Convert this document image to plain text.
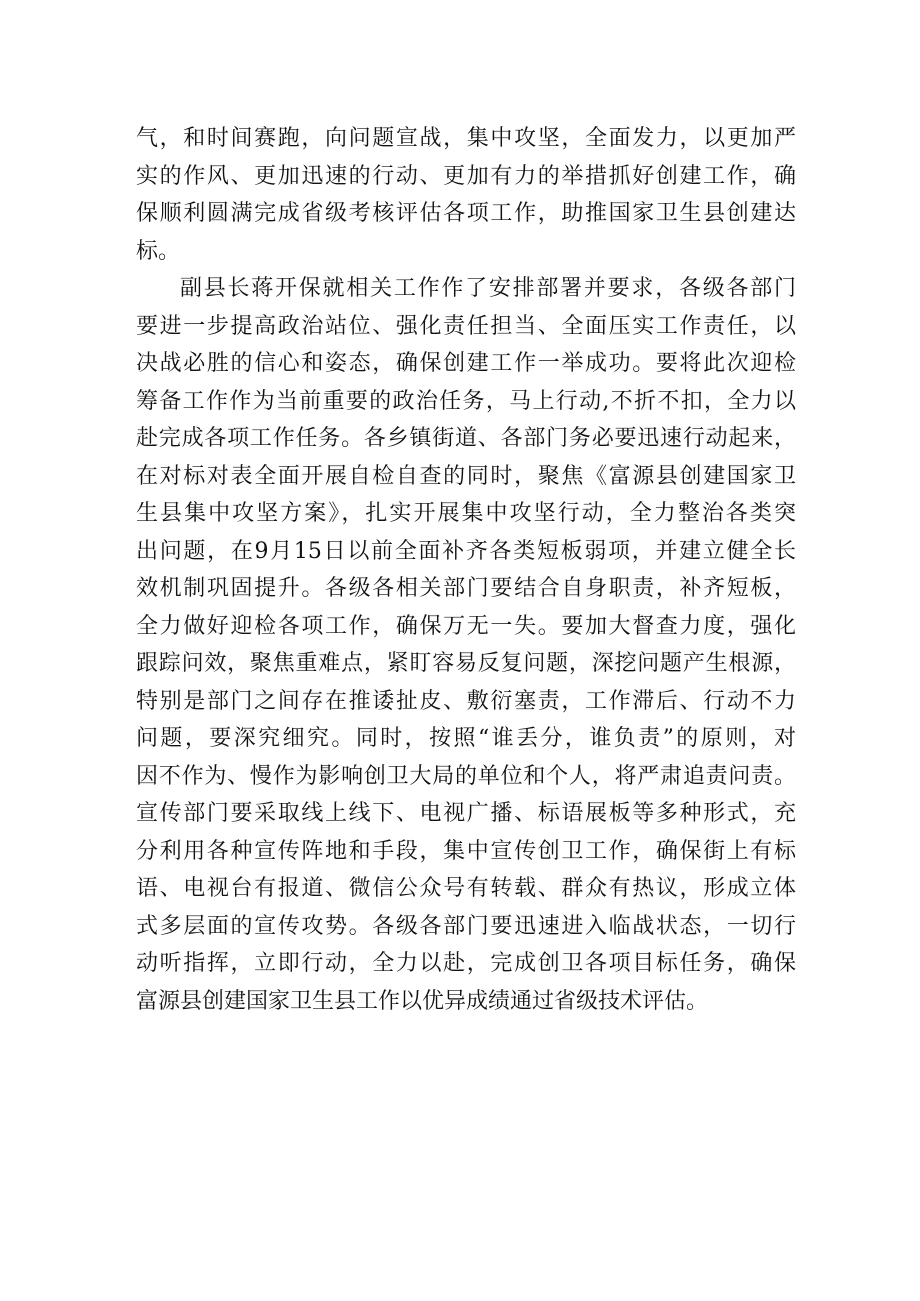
气，和时间赛跑，向问题宣战，集中攻坚，全面发力，以更加严
实的作风、更加迅速的行动、更加有力的举措抓好创建工作，确
保顺利圆满完成省级考核评估各项工作，助推国家卫生县创建达
标。
副县长蒋开保就相关工作作了安排部署并要求，各级各部门
要进一步提高政治站位、强化责任担当、全面压实工作责任，以
决战必胜的信心和姿态，确保创建工作一举成功。要将此次迎检
筹备工作作为当前重要的政治任务，马上行动,不折不扣，全力以
赴完成各项工作任务。各乡镇街道、各部门务必要迅速行动起来，
在对标对表全面开展自检自查的同时，聚焦《富源县创建国家卫
生县集中攻坚方案》，扎实开展集中攻坚行动，全力整治各类突
出问题，在9月15日以前全面补齐各类短板弱项，并建立健全长
效机制巩固提升。各级各相关部门要结合自身职责，补齐短板，
全力做好迎检各项工作，确保万无一失。要加大督查力度，强化
跟踪问效，聚焦重难点，紧盯容易反复问题，深挖问题产生根源，
特别是部门之间存在推诿扯皮、敷衍塞责，工作滞后、行动不力
问题，要深究细究。同时，按照“谁丢分，谁负责”的原则，对
因不作为、慢作为影响创卫大局的单位和个人，将严肃追责问责。
宣传部门要采取线上线下、电视广播、标语展板等多种形式，充
分利用各种宣传阵地和手段，集中宣传创卫工作，确保街上有标
语、电视台有报道、微信公众号有转载、群众有热议，形成立体
式多层面的宣传攻势。各级各部门要迅速进入临战状态，一切行
动听指挥，立即行动，全力以赴，完成创卫各项目标任务，确保
富源县创建国家卫生县工作以优异成绩通过省级技术评估。
